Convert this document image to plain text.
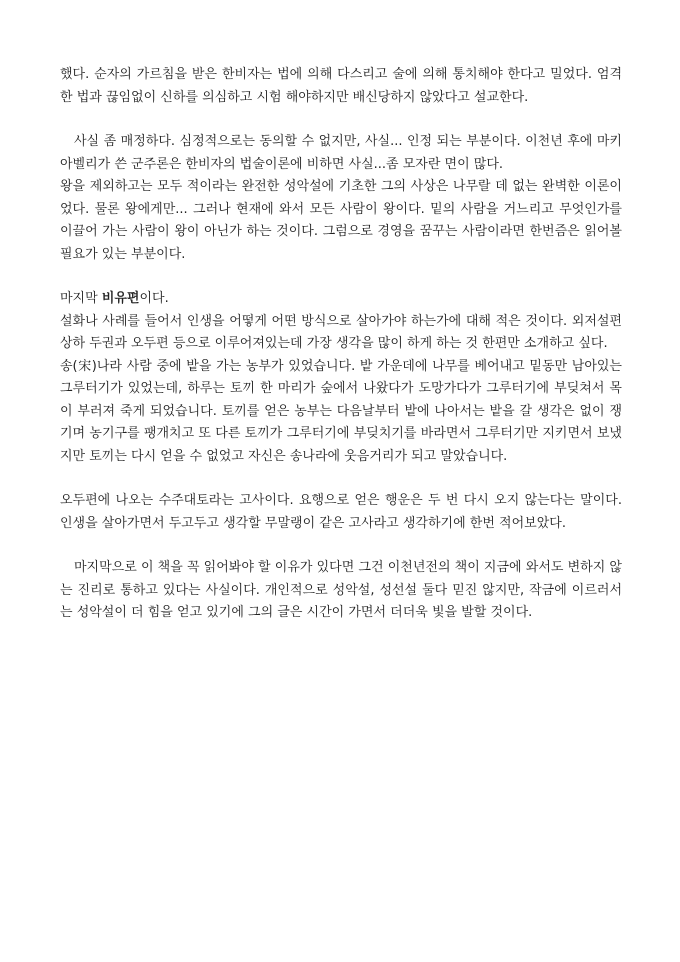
했다. 순자의 가르침을 받은 한비자는 법에 의해 다스리고 술에 의해 통치해야 한다고 밀었다. 엄격한 법과 끊임없이 신하를 의심하고 시험 해야하지만 배신당하지 않았다고 설교한다.

사실 좀 매정하다. 심정적으로는 동의할 수 없지만, 사실... 인정 되는 부분이다. 이천년 후에 마키아벨리가 쓴 군주론은 한비자의 법술이론에 비하면 사실...좀 모자란 면이 많다.

왕을 제외하고는 모두 적이라는 완전한 성악설에 기초한 그의 사상은 나무랄 데 없는 완벽한 이론이었다. 물론 왕에게만... 그러나 현재에 와서 모든 사람이 왕이다. 밑의 사람을 거느리고 무엇인가를 이끌어 가는 사람이 왕이 아닌가 하는 것이다. 그럼으로 경영을 꿈꾸는 사람이라면 한번즘은 읽어볼 필요가 있는 부분이다.

마지막 비유편이다.

설화나 사례를 들어서 인생을 어떻게 어떤 방식으로 살아가야 하는가에 대해 적은 것이다. 외저설편 상하 두권과 오두편 등으로 이루어져있는데 가장 생각을 많이 하게 하는 것 한편만 소개하고 싶다.

송(宋)나라 사람 중에 밭을 가는 농부가 있었습니다. 밭 가운데에 나무를 베어내고 밑동만 남아있는 그루터기가 있었는데, 하루는 토끼 한 마리가 숲에서 나왔다가 도망가다가 그루터기에 부딪쳐서 목이 부러져 죽게 되었습니다. 토끼를 얻은 농부는 다음날부터 밭에 나아서는 밭을 갈 생각은 없이 쟁기며 농기구를 팽개치고 또 다른 토끼가 그루터기에 부딪치기를 바라면서 그루터기만 지키면서 보냈지만 토끼는 다시 얻을 수 없었고 자신은 송나라에 웃음거리가 되고 말았습니다.

오두편에 나오는 수주대토라는 고사이다. 요행으로 얻은 행운은 두 번 다시 오지 않는다는 말이다. 인생을 살아가면서 두고두고 생각할 무말랭이 같은 고사라고 생각하기에 한번 적어보았다.

마지막으로 이 책을 꼭 읽어봐야 할 이유가 있다면 그건 이천년전의 책이 지금에 와서도 변하지 않는 진리로 통하고 있다는 사실이다. 개인적으로 성악설, 성선설 둘다 믿진 않지만, 작금에 이르러서는 성악설이 더 힘을 얻고 있기에 그의 글은 시간이 가면서 더더욱 빛을 발할 것이다.
